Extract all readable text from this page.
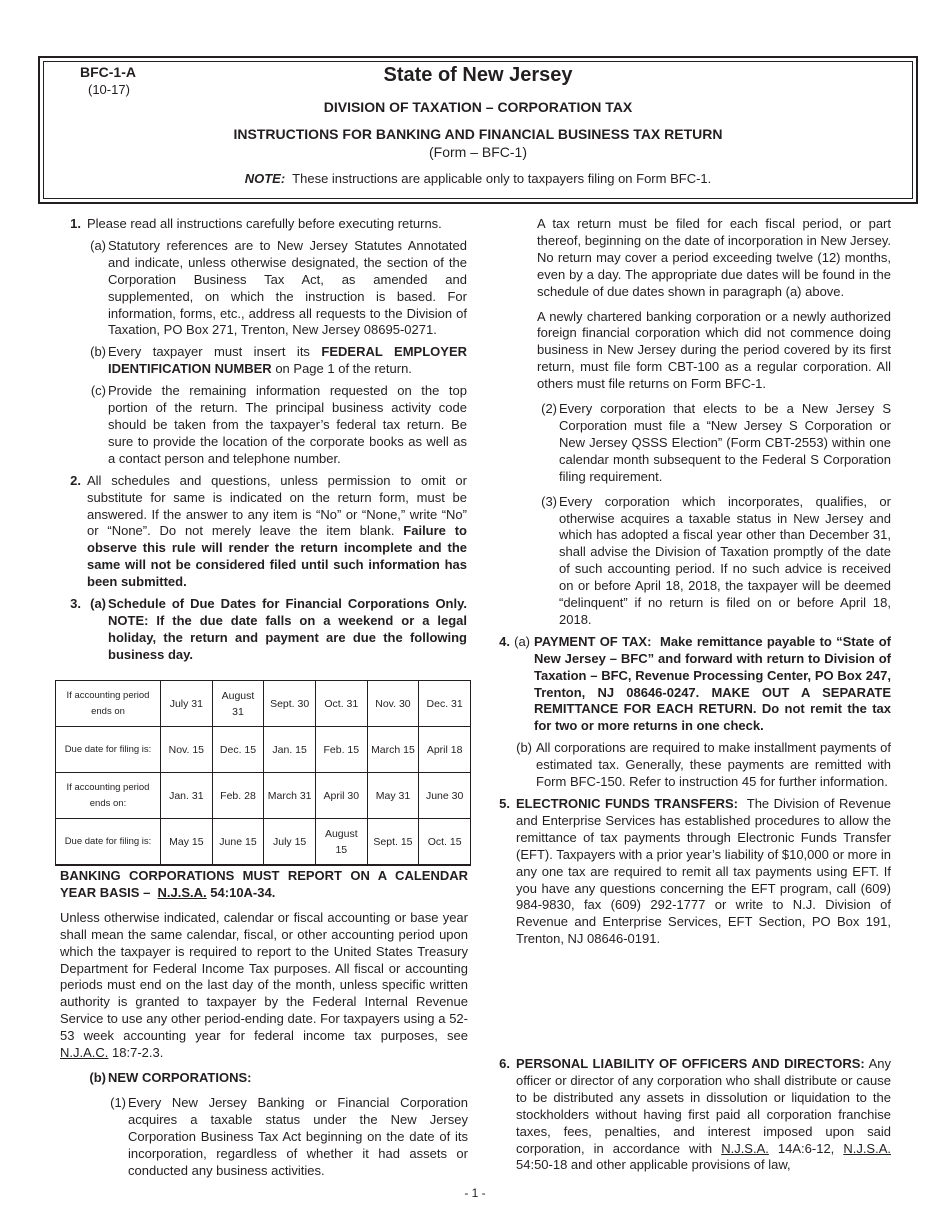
BFC-1-A
(10-17)
State of New Jersey
DIVISION OF TAXATION – CORPORATION TAX
INSTRUCTIONS FOR BANKING AND FINANCIAL BUSINESS TAX RETURN
(Form – BFC-1)
NOTE: These instructions are applicable only to taxpayers filing on Form BFC-1.
1. Please read all instructions carefully before executing returns.
(a) Statutory references are to New Jersey Statutes Annotated and indicate, unless otherwise designated, the section of the Corporation Business Tax Act, as amended and supplemented, on which the instruction is based. For information, forms, etc., address all requests to the Division of Taxation, PO Box 271, Trenton, New Jersey 08695-0271.
(b) Every taxpayer must insert its FEDERAL EMPLOYER IDENTIFICATION NUMBER on Page 1 of the return.
(c) Provide the remaining information requested on the top portion of the return. The principal business activity code should be taken from the taxpayer’s federal tax return. Be sure to provide the location of the corporate books as well as a contact person and telephone number.
2. All schedules and questions, unless permission to omit or substitute for same is indicated on the return form, must be answered. If the answer to any item is “No” or “None,” write “No” or “None”. Do not merely leave the item blank. Failure to observe this rule will render the return incomplete and the same will not be considered filed until such information has been submitted.
3. (a) Schedule of Due Dates for Financial Corporations Only. NOTE: If the due date falls on a weekend or a legal holiday, the return and payment are due the following business day.
If accounting period ends on	July 31	August 31	Sept. 30	Oct. 31	Nov. 30	Dec. 31
Due date for filing is:	Nov. 15	Dec. 15	Jan. 15	Feb. 15	March 15	April 18
If accounting period ends on:	Jan. 31	Feb. 28	March 31	April 30	May 31	June 30
Due date for filing is:	May 15	June 15	July 15	August 15	Sept. 15	Oct. 15

BANKING CORPORATIONS MUST REPORT ON A CALENDAR YEAR BASIS – N.J.S.A. 54:10A-34.

Unless otherwise indicated, calendar or fiscal accounting or base year shall mean the same calendar, fiscal, or other accounting period upon which the taxpayer is required to report to the United States Treasury Department for Federal Income Tax purposes. All fiscal or accounting periods must end on the last day of the month, unless specific written authority is granted to taxpayer by the Federal Internal Revenue Service to use any other period-ending date. For taxpayers using a 52-53 week accounting year for federal income tax purposes, see N.J.A.C. 18:7-2.3.

(b) NEW CORPORATIONS:
(1) Every New Jersey Banking or Financial Corporation acquires a taxable status under the New Jersey Corporation Business Tax Act beginning on the date of its incorporation, regardless of whether it had assets or conducted any business activities.

A tax return must be filed for each fiscal period, or part thereof, beginning on the date of incorporation in New Jersey. No return may cover a period exceeding twelve (12) months, even by a day. The appropriate due dates will be found in the schedule of due dates shown in paragraph (a) above.

A newly chartered banking corporation or a newly authorized foreign financial corporation which did not commence doing business in New Jersey during the period covered by its first return, must file form CBT-100 as a regular corporation. All others must file returns on Form BFC-1.

(2) Every corporation that elects to be a New Jersey S Corporation must file a “New Jersey S Corporation or New Jersey QSSS Election” (Form CBT-2553) within one calendar month subsequent to the Federal S Corporation filing requirement.
(3) Every corporation which incorporates, qualifies, or otherwise acquires a taxable status in New Jersey and which has adopted a fiscal year other than December 31, shall advise the Division of Taxation promptly of the date of such accounting period. If no such advice is received on or before April 18, 2018, the taxpayer will be deemed “delinquent” if no return is filed on or before April 18, 2018.
4. (a) PAYMENT OF TAX:  Make remittance payable to “State of New Jersey – BFC” and forward with return to Division of Taxation – BFC, Revenue Processing Center, PO Box 247, Trenton, NJ 08646-0247. MAKE OUT A SEPARATE REMITTANCE FOR EACH RETURN. Do not remit the tax for two or more returns in one check.
(b) All corporations are required to make installment payments of estimated tax. Generally, these payments are remitted with Form BFC-150. Refer to instruction 45 for further information.
5. ELECTRONIC FUNDS TRANSFERS: The Division of Revenue and Enterprise Services has established procedures to allow the remittance of tax payments through Electronic Funds Transfer (EFT). Taxpayers with a prior year’s liability of $10,000 or more in any one tax are required to remit all tax payments using EFT. If you have any questions concerning the EFT program, call (609) 984-9830, fax (609) 292-1777 or write to N.J. Division of Revenue and Enterprise Services, EFT Section, PO Box 191, Trenton, NJ 08646-0191.
6. PERSONAL LIABILITY OF OFFICERS AND DIRECTORS: Any officer or director of any corporation who shall distribute or cause to be distributed any assets in dissolution or liquidation to the stockholders without having first paid all corporation franchise taxes, fees, penalties, and interest imposed upon said corporation, in accordance with N.J.S.A. 14A:6-12, N.J.S.A. 54:50-18 and other applicable provisions of law,
- 1 -
